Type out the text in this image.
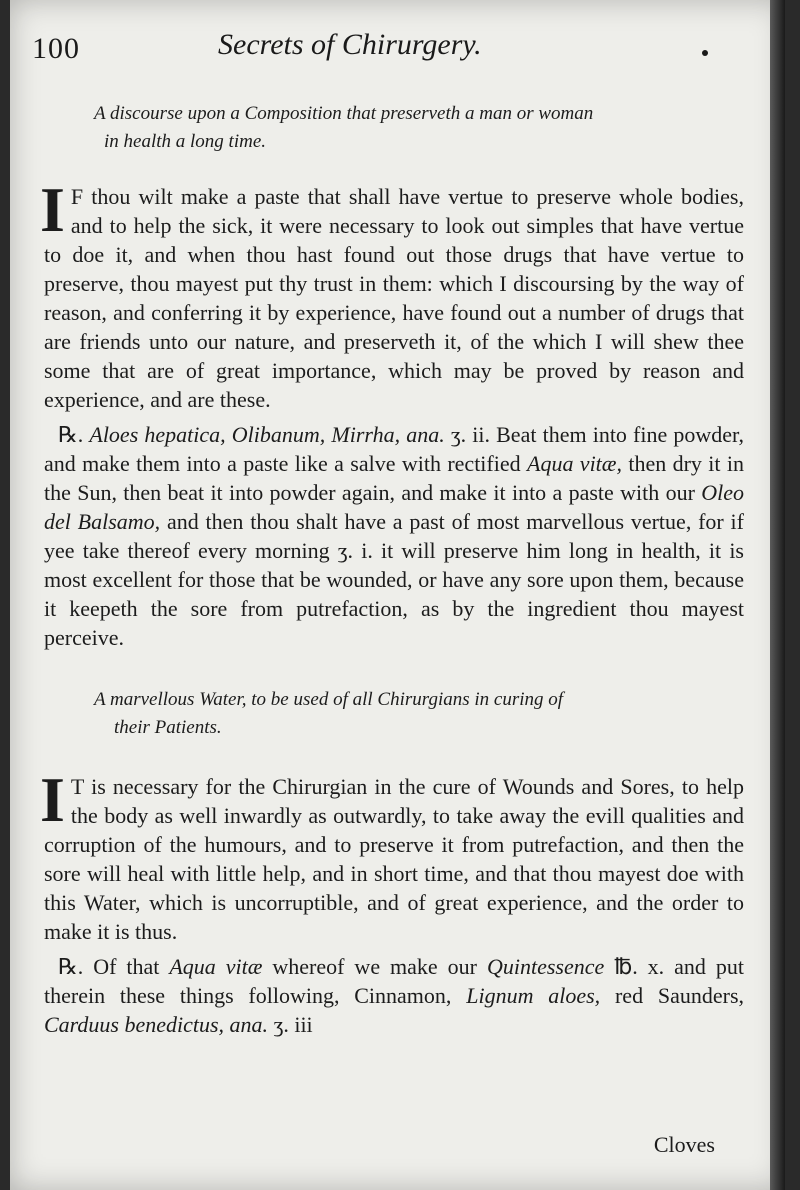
100	Secrets of Chirurgery.

A discourse upon a Composition that preserveth a man or woman
in health a long time.

I F thou wilt make a paste that shall have vertue to preserve whole bodies, and to help the sick, it were necessary to look out simples that have vertue to doe it, and when thou hast found out those drugs that have vertue to preserve, thou mayest put thy trust in them: which I discoursing by the way of reason, and conferring it by experience, have found out a number of drugs that are friends unto our nature, and preserveth it, of the which I will shew thee some that are of great importance, which may be proved by reason and experience, and are these.

℞. Aloes hepatica, Olibanum, Mirrha, ana. ʒ. ii. Beat them into fine powder, and make them into a paste like a salve with rectified Aqua vitæ, then dry it in the Sun, then beat it into powder again, and make it into a paste with our Oleo del Balsamo, and then thou shalt have a past of most marvellous vertue, for if yee take thereof every morning ʒ. i. it will preserve him long in health, it is most excellent for those that be wounded, or have any sore upon them, because it keepeth the sore from putrefaction, as by the ingredient thou mayest perceive.

A marvellous Water, to be used of all Chirurgians in curing of
their Patients.

I T is necessary for the Chirurgian in the cure of Wounds and Sores, to help the body as well inwardly as outwardly, to take away the evill qualities and corruption of the humours, and to preserve it from putrefaction, and then the sore will heal with little help, and in short time, and that thou mayest doe with this Water, which is uncorruptible, and of great experience, and the order to make it is thus.

℞. Of that Aqua vitæ whereof we make our Quintessence ℔. x. and put therein these things following, Cinnamon, Lignum aloes, red Saunders, Carduus benedictus, ana. ʒ. iii

Cloves
